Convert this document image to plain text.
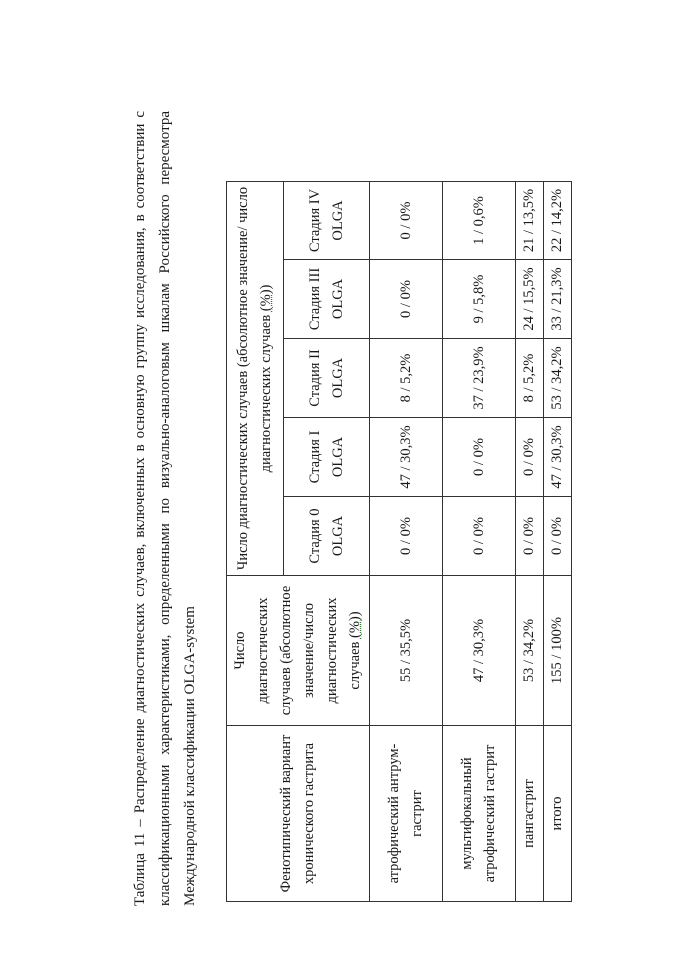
Таблица 11 – Распределение диагностических случаев, включенных в основную группу исследования, в соответствии с классификационными характеристиками, определенными по визуально-аналоговым шкалам Российского пересмотра Международной классификации OLGA-system	Фенотипический вариант хронического гастрита	Число диагностических случаев (абсолютное значение/число диагностических случаев (%))	Число диагностических случаев (абсолютное значение/ число диагностических случаев (%))				
		Стадия 0 OLGA	Стадия I OLGA	Стадия II OLGA	Стадия III OLGA	Стадия IV OLGA
атрофический антрум-гастрит	55 / 35,5%	0 / 0%	47 / 30,3%	8 / 5,2%	0 / 0%	0 / 0%
мультифокальный атрофический гастрит	47 / 30,3%	0 / 0%	0 / 0%	37 / 23,9%	9 / 5,8%	1 / 0,6%
пангастрит	53 / 34,2%	0 / 0%	0 / 0%	8 / 5,2%	24 / 15,5%	21 / 13,5%
итого	155 / 100%	0 / 0%	47 / 30,3%	53 / 34,2%	33 / 21,3%	22 / 14,2%
